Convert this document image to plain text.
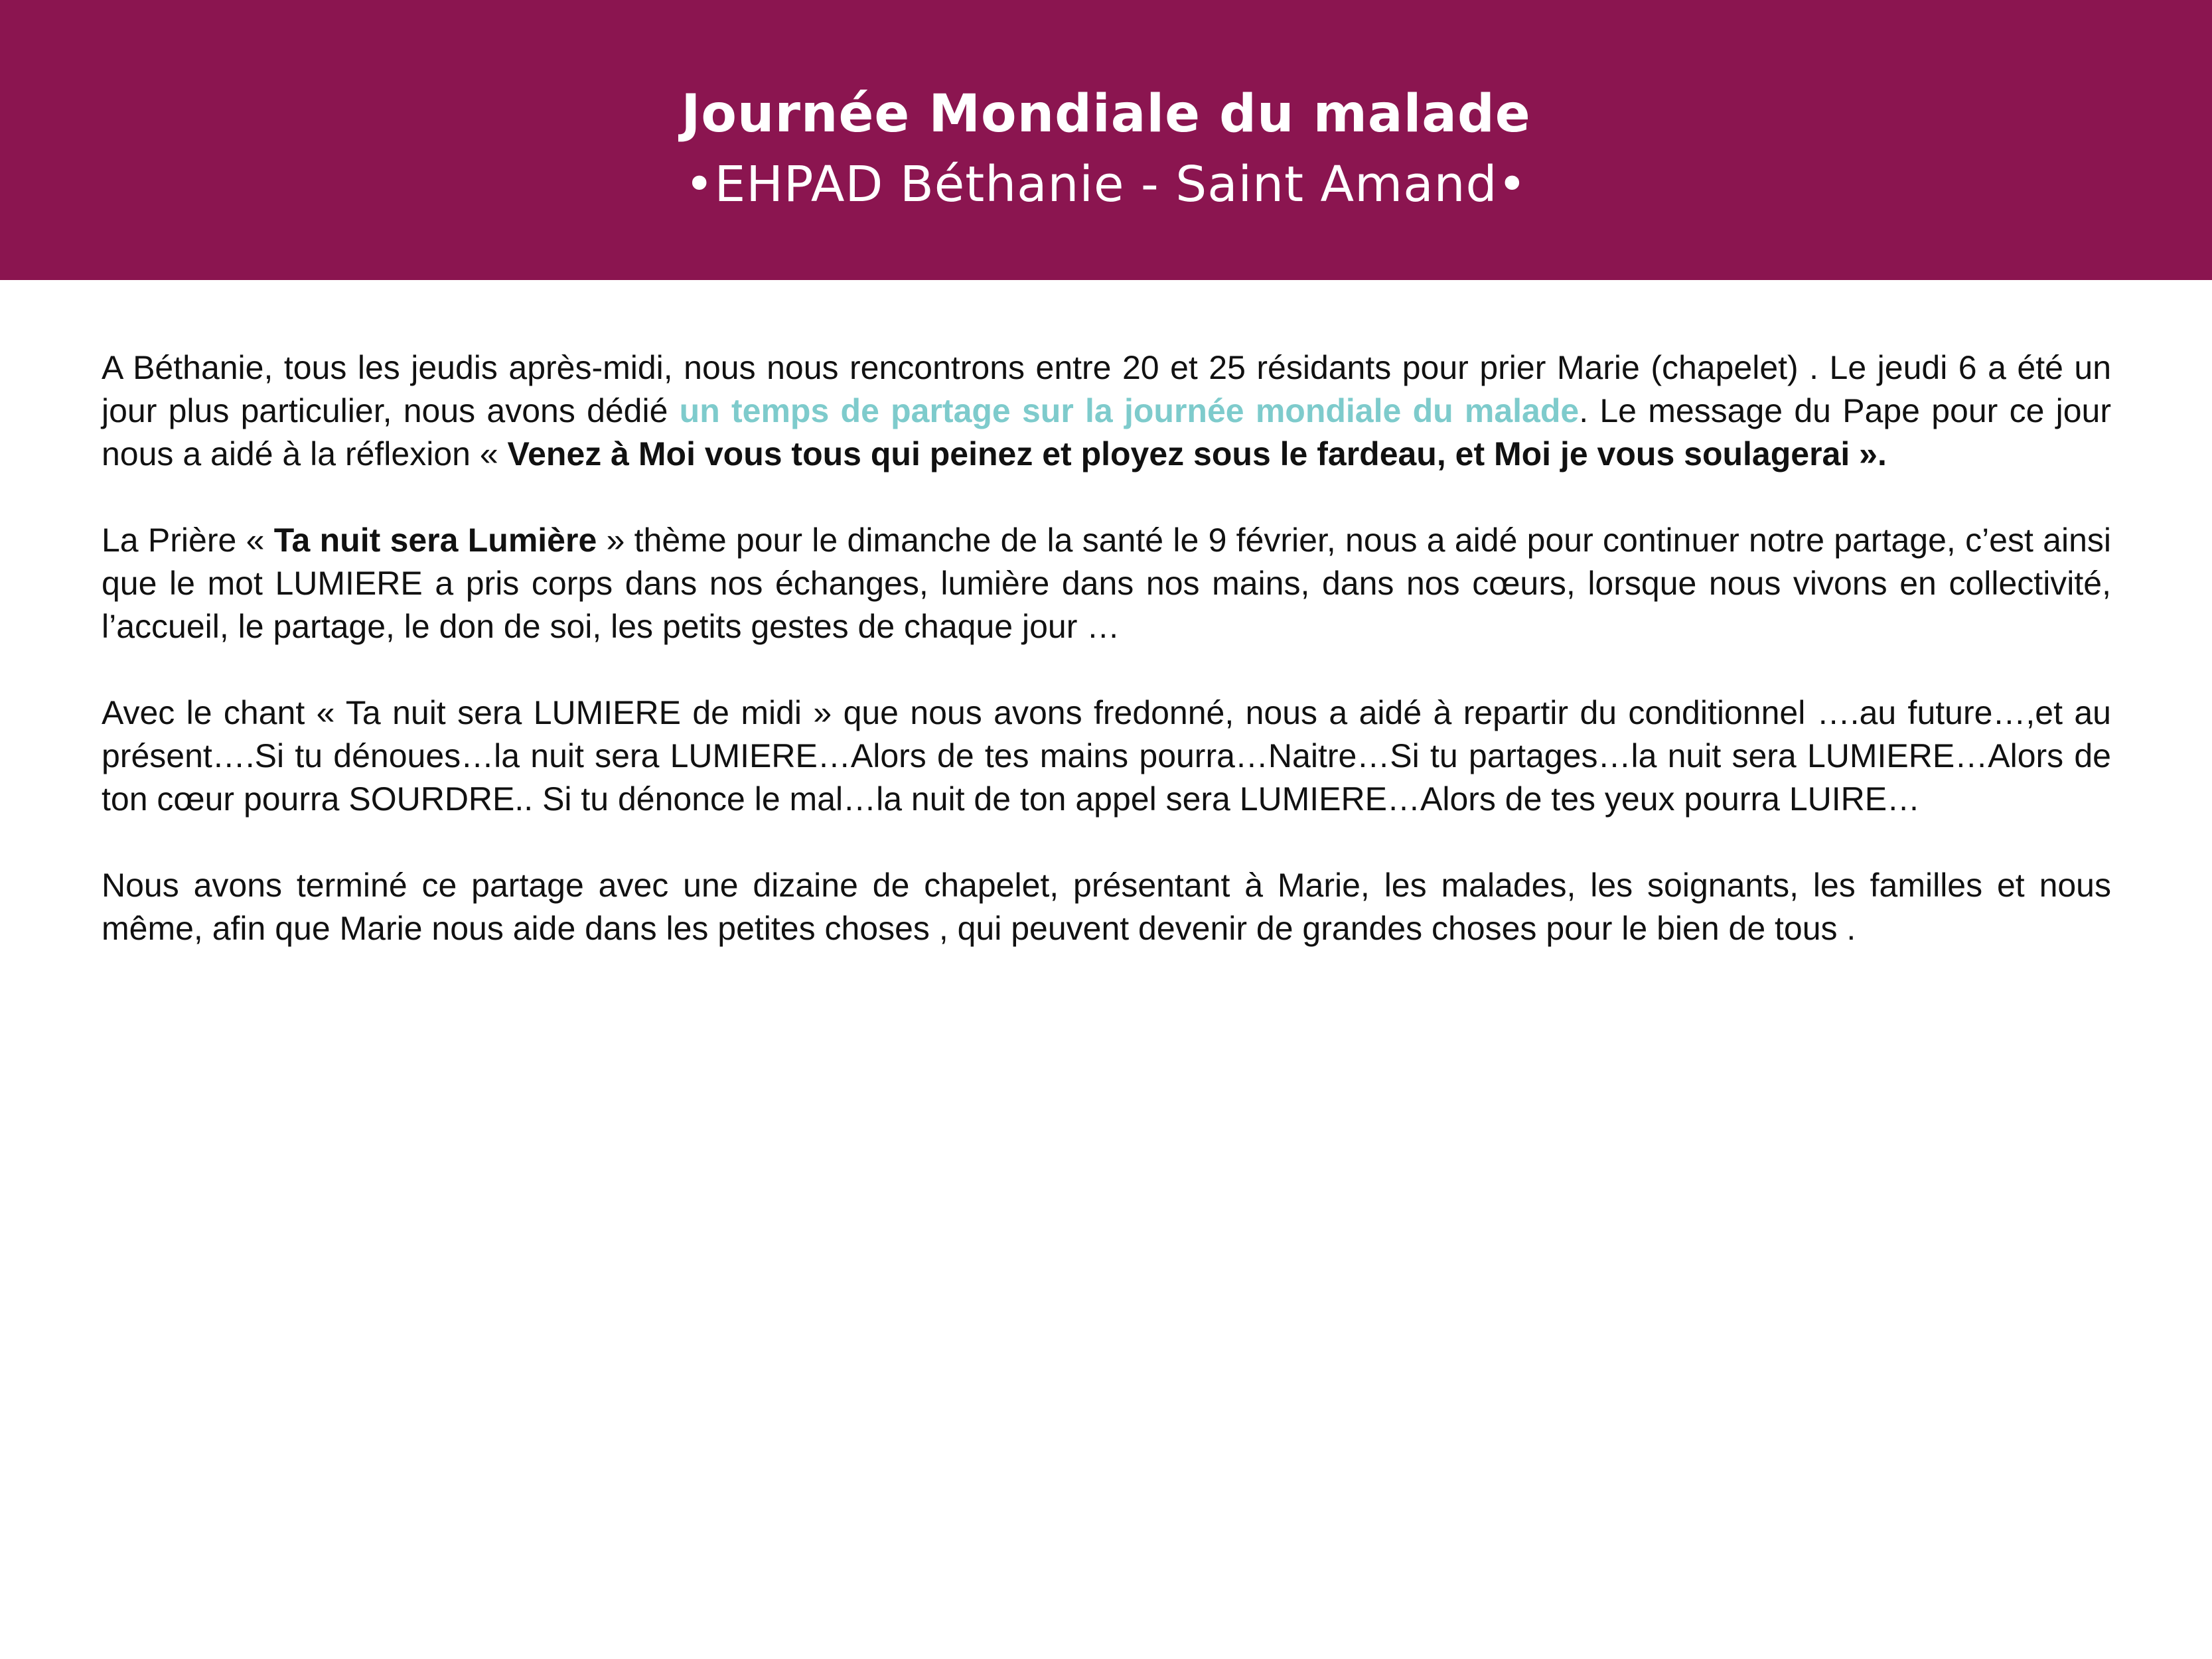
Journée Mondiale du malade
•EHPAD Béthanie - Saint Amand•

A Béthanie, tous les jeudis après-midi, nous nous rencontrons entre 20 et 25 résidants pour prier Marie (chapelet) . Le jeudi 6 a été un jour plus particulier, nous avons dédié un temps de partage sur la journée mondiale du malade. Le message du Pape pour ce jour nous a aidé à la réflexion « Venez à Moi vous tous qui peinez et ployez sous le fardeau, et Moi je vous soulagerai ».

La Prière « Ta nuit sera Lumière » thème pour le dimanche de la santé le 9 février, nous a aidé pour continuer notre partage, c’est ainsi que le mot LUMIERE a pris corps dans nos échanges, lumière dans nos mains, dans nos cœurs, lorsque nous vivons en collectivité, l’accueil, le partage, le don de soi, les petits gestes de chaque jour …

Avec le chant « Ta nuit sera LUMIERE de midi » que nous avons fredonné, nous a aidé à repartir du conditionnel ….au future…,et au présent….Si tu dénoues…la nuit sera LUMIERE…Alors de tes mains pourra…Naitre…Si tu partages…la nuit sera LUMIERE…Alors de ton cœur pourra SOURDRE.. Si tu dénonce le mal…la nuit de ton appel sera LUMIERE…Alors de tes yeux pourra LUIRE…

Nous avons terminé ce partage avec une dizaine de chapelet, présentant à Marie, les malades, les soignants, les familles et nous même, afin que Marie nous aide dans les petites choses , qui peuvent devenir de grandes choses pour le bien de tous .
